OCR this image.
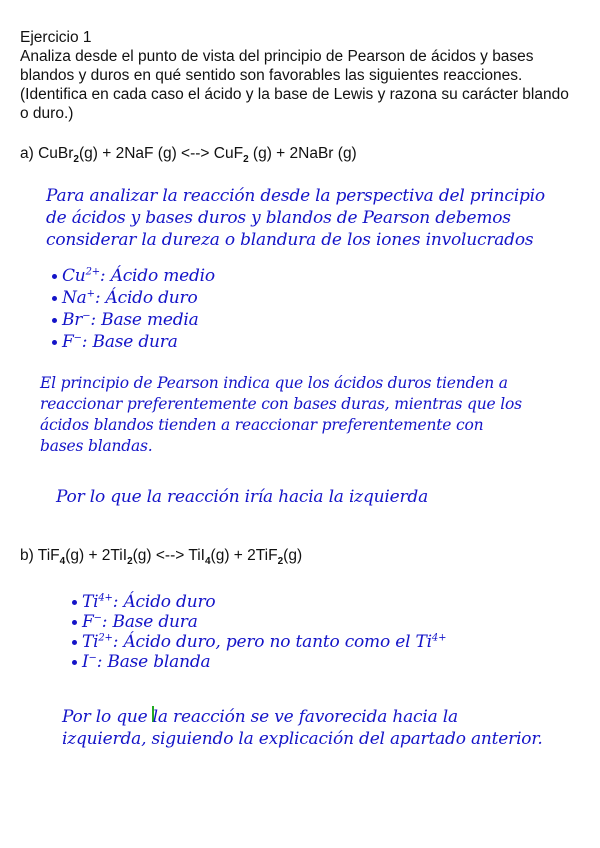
Ejercicio 1
Analiza desde el punto de vista del principio de Pearson de ácidos y bases
blandos y duros en qué sentido son favorables las siguientes reacciones.
(Identifica en cada caso el ácido y la base de Lewis y razona su carácter blando
o duro.)
a) CuBr$_2$(g) + 2NaF (g) <--> CuF$_2$ (g) + 2NaBr (g)
Para analizar la reacción desde la perspectiva del principio
de ácidos y bases duros y blandos de Pearson debemos
considerar la dureza o blandura de los iones involucrados
$Cu^{2+}$: Ácido medio
Na+: Ácido duro
Br−: Base media
F−: Base dura
El principio de Pearson indica que los ácidos duros tienden a
reaccionar preferentemente con bases duras, mientras que los
ácidos blandos tienden a reaccionar preferentemente con
bases blandas.
Por lo que la reacción iría hacia la izquierda
b) TiF$_4$(g) + 2TiI$_2$(g) <--> TiI$_4$(g) + 2TiF$_2$(g)
$Ti^{4+}$: Ácido duro
F−: Base dura
$Ti^{2+}$: Ácido duro, pero no tanto como el $Ti^{4+}$
I−: Base blanda
Por lo que la reacción se ve favorecida hacia la
izquierda, siguiendo la explicación del apartado anterior.
